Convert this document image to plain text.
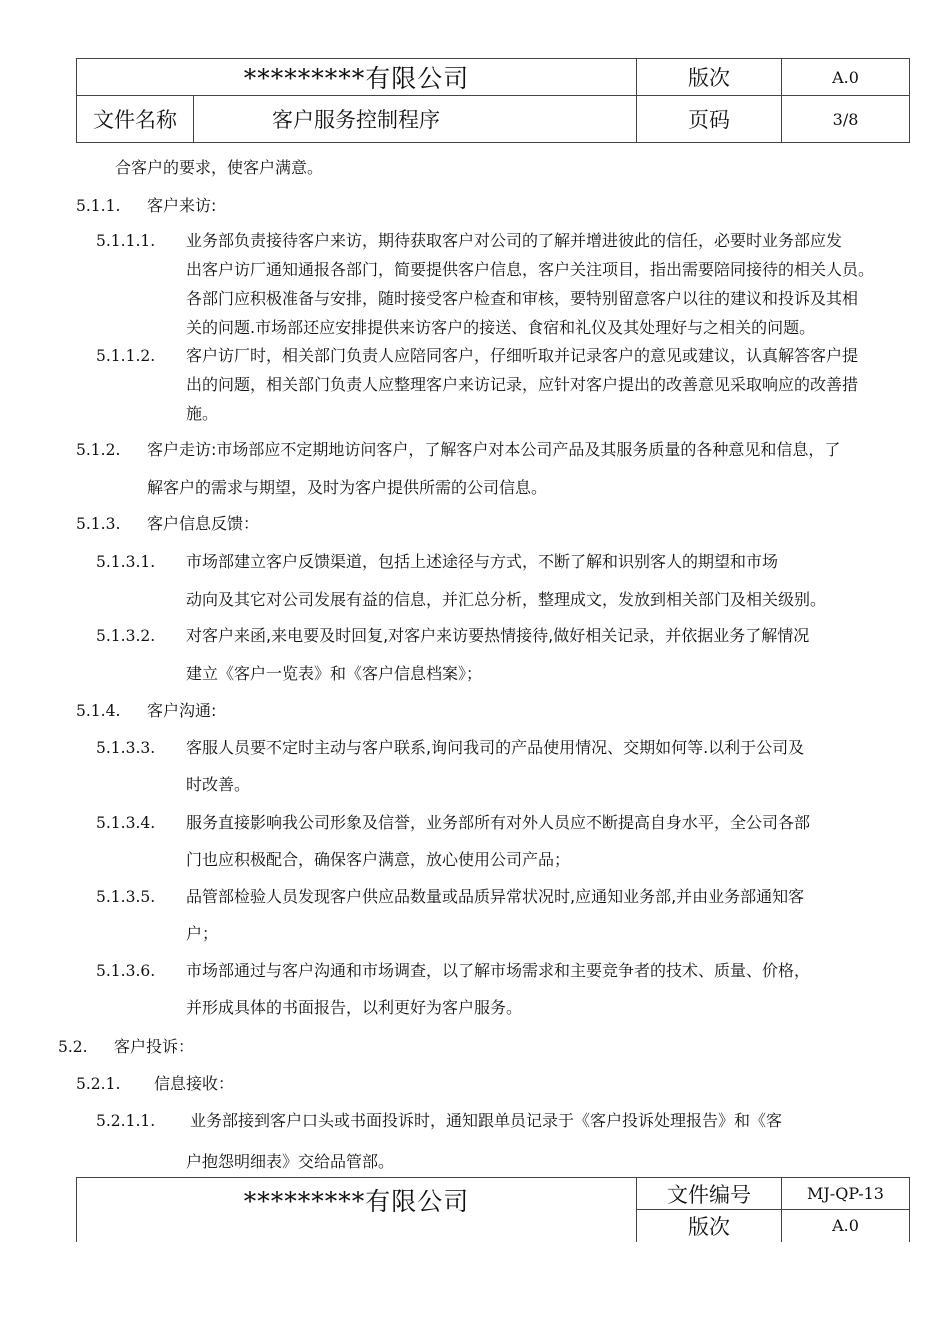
*********有限公司		版次	A.0
文件名称	客户服务控制程序	页码	3/8
合客户的要求，使客户满意。
5.1.1. 客户来访:
5.1.1.1. 业务部负责接待客户来访，期待获取客户对公司的了解并增进彼此的信任，必要时业务部应发
出客户访厂通知通报各部门，简要提供客户信息，客户关注项目，指出需要陪同接待的相关人员。
各部门应积极准备与安排，随时接受客户检查和审核，要特别留意客户以往的建议和投诉及其相
关的问题.市场部还应安排提供来访客户的接送、食宿和礼仪及其处理好与之相关的问题。
5.1.1.2. 客户访厂时，相关部门负责人应陪同客户，仔细听取并记录客户的意见或建议，认真解答客户提
出的问题，相关部门负责人应整理客户来访记录，应针对客户提出的改善意见采取响应的改善措
施。
5.1.2. 客户走访:市场部应不定期地访问客户，了解客户对本公司产品及其服务质量的各种意见和信息，了
解客户的需求与期望，及时为客户提供所需的公司信息。
5.1.3. 客户信息反馈：
5.1.3.1. 市场部建立客户反馈渠道，包括上述途径与方式，不断了解和识别客人的期望和市场
动向及其它对公司发展有益的信息，并汇总分析，整理成文，发放到相关部门及相关级别。
5.1.3.2. 对客户来函,来电要及时回复,对客户来访要热情接待,做好相关记录，并依据业务了解情况
建立《客户一览表》和《客户信息档案》；
5.1.4. 客户沟通:
5.1.3.3. 客服人员要不定时主动与客户联系,询问我司的产品使用情况、交期如何等.以利于公司及
时改善。
5.1.3.4. 服务直接影响我公司形象及信誉，业务部所有对外人员应不断提高自身水平，全公司各部
门也应积极配合，确保客户满意，放心使用公司产品；
5.1.3.5. 品管部检验人员发现客户供应品数量或品质异常状况时,应通知业务部,并由业务部通知客
户；
5.1.3.6. 市场部通过与客户沟通和市场调查，以了解市场需求和主要竞争者的技术、质量、价格，
并形成具体的书面报告，以利更好为客户服务。
5.2. 客户投诉：
5.2.1. 信息接收：
5.2.1.1. 业务部接到客户口头或书面投诉时，通知跟单员记录于《客户投诉处理报告》和《客
户抱怨明细表》交给品管部。
*********有限公司	文件编号	MJ-QP-13
	版次	A.0
